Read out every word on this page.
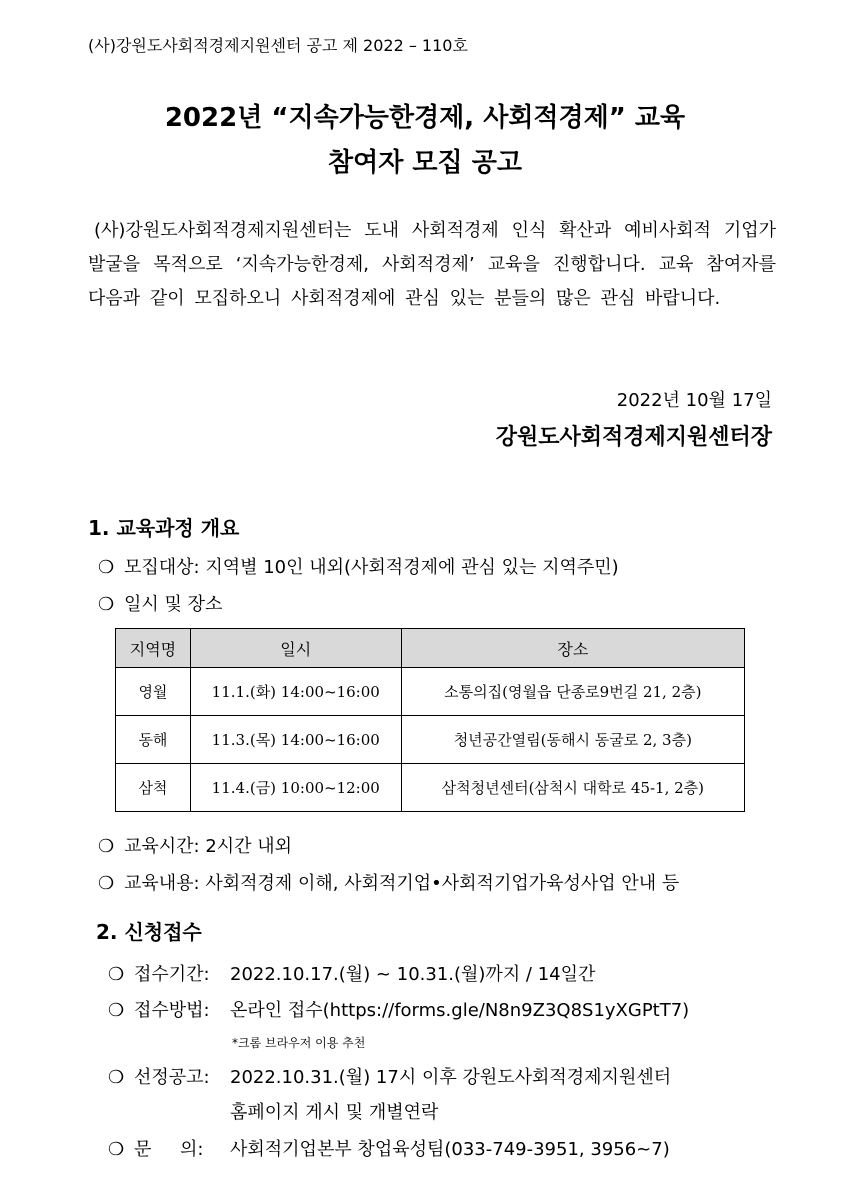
(사)강원도사회적경제지원센터 공고 제 2022 – 110호
2022년 “지속가능한경제, 사회적경제” 교육
참여자 모집 공고
(사)강원도사회적경제지원센터는 도내 사회적경제 인식 확산과 예비사회적 기업가 발굴을 목적으로 ‘지속가능한경제, 사회적경제’ 교육을 진행합니다. 교육 참여자를 다음과 같이 모집하오니 사회적경제에 관심 있는 분들의 많은 관심 바랍니다.
2022년 10월 17일
강원도사회적경제지원센터장
1. 교육과정 개요
❍ 모집대상: 지역별 10인 내외(사회적경제에 관심 있는 지역주민)
❍ 일시 및 장소
지역명	일시	장소
영월	11.1.(화) 14:00~16:00	소통의집(영월읍 단종로9번길 21, 2층)
동해	11.3.(목) 14:00~16:00	청년공간열림(동해시 동굴로 2, 3층)
삼척	11.4.(금) 10:00~12:00	삼척청년센터(삼척시 대학로 45-1, 2층)
❍ 교육시간: 2시간 내외
❍ 교육내용: 사회적경제 이해, 사회적기업•사회적기업가육성사업 안내 등
2. 신청접수
❍ 접수기간: 2022.10.17.(월) ~ 10.31.(월)까지 / 14일간
❍ 접수방법: 온라인 접수(https://forms.gle/N8n9Z3Q8S1yXGPtT7)
*크롬 브라우저 이용 추천
❍ 선정공고: 2022.10.31.(월) 17시 이후 강원도사회적경제지원센터
홈페이지 게시 및 개별연락
❍ 문     의: 사회적기업본부 창업육성팀(033-749-3951, 3956~7)
